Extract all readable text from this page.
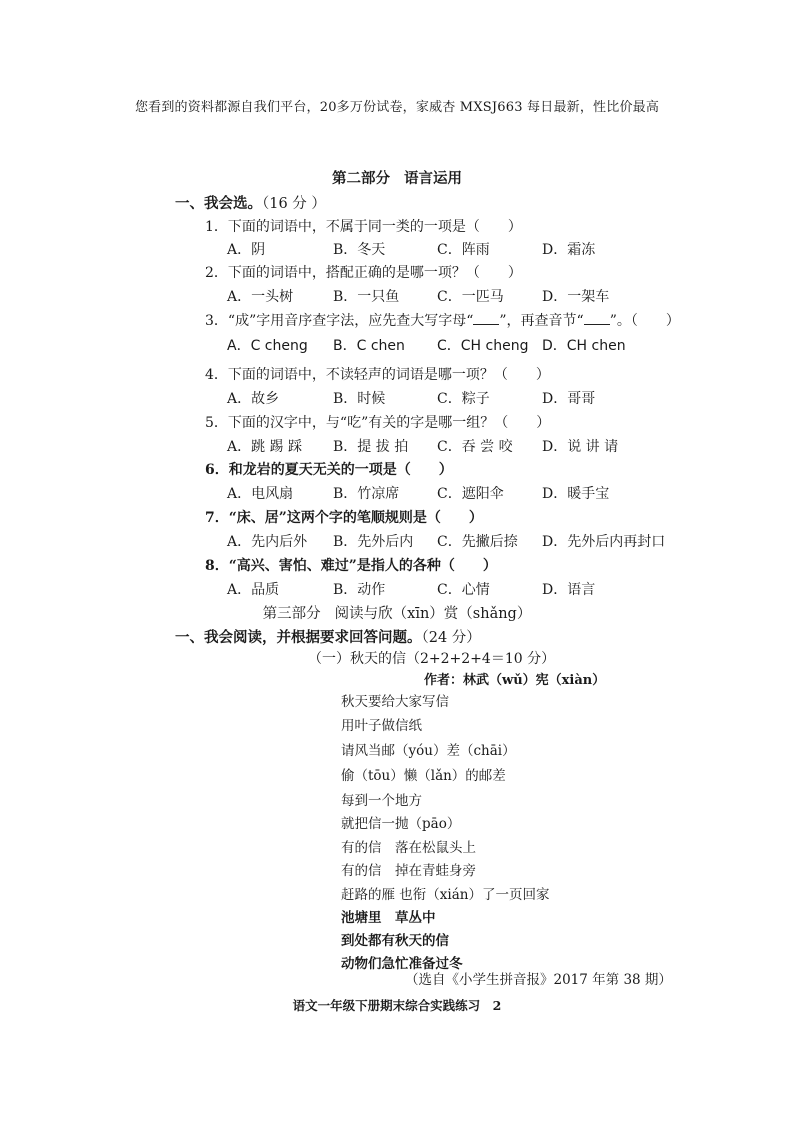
您看到的资料都源自我们平台，20多万份试卷，家威杏 MXSJ663 每日最新，性比价最高
第二部分 语言运用
一、我会选。（16 分 ）
1．下面的词语中，不属于同一类的一项是（　　）
A．阴	B．冬天	C．阵雨	D．霜冻
2．下面的词语中，搭配正确的是哪一项？（　　）
A．一头树	B．一只鱼	C．一匹马	D．一架车
3．“成”字用音序查字法，应先查大写字母“ ”，再查音节“ ”。（　　）
A．C cheng B．C chen C．CH cheng D．CH chen
4．下面的词语中，不读轻声的词语是哪一项？（　　）
A．故乡	B．时候	C．粽子	D．哥哥
5．下面的汉字中，与“吃”有关的字是哪一组？（　　）
A．跳 踢 踩 B．提 拔 拍 C．吞 尝 咬 D．说 讲 请
6．和龙岩的夏天无关的一项是（　　）
A．电风扇	B．竹凉席	C．遮阳伞	D．暖手宝
7．“床、居”这两个字的笔顺规则是（　　）
A．先内后外 B．先外后内 C．先撇后捺 D．先外后内再封口
8．“高兴、害怕、难过”是指人的各种（　　）
A．品质	B．动作	C．心情	D．语言
第三部分 阅读与欣（xīn）赏（shǎng）
一、我会阅读，并根据要求回答问题。（24 分）
（一）秋天的信（2+2+2+4＝10 分）
作者：林武（wǔ）宪（xiàn）
秋天要给大家写信
用叶子做信纸
请风当邮（yóu）差（chāi）
偷（tōu）懒（lǎn）的邮差
每到一个地方
就把信一抛（pāo）
有的信　落在松鼠头上
有的信　掉在青蛙身旁
赶路的雁 也衔（xián）了一页回家
池塘里　草丛中
到处都有秋天的信
动物们急忙准备过冬
（选自《小学生拼音报》2017 年第 38 期）
语文一年级下册期末综合实践练习　2
